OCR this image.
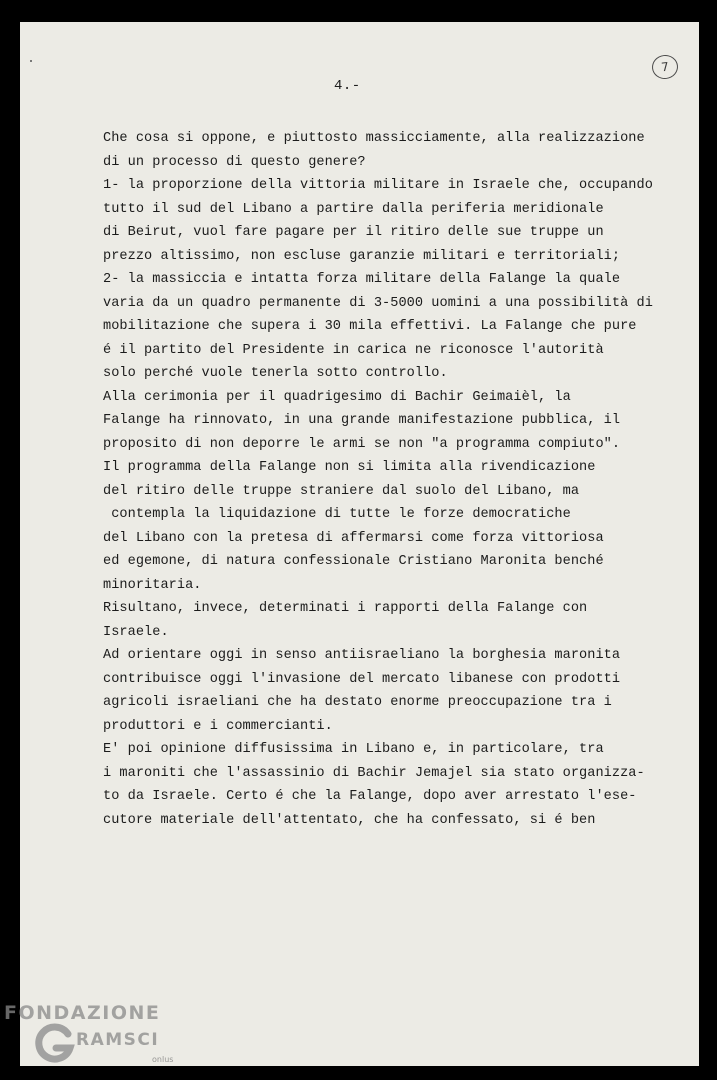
4.-
7
Che cosa si oppone, e piuttosto massicciamente, alla realizzazione
di un processo di questo genere?
1- la proporzione della vittoria militare in Israele che, occupando
tutto il sud del Libano a partire dalla periferia meridionale
di Beirut, vuol fare pagare per il ritiro delle sue truppe un
prezzo altissimo, non escluse garanzie militari e territoriali;
2- la massiccia e intatta forza militare della Falange la quale
varia da un quadro permanente di 3-5000 uomini a una possibilità di
mobilitazione che supera i 30 mila effettivi. La Falange che pure
é il partito del Presidente in carica ne riconosce l'autorità
solo perché vuole tenerla sotto controllo.
Alla cerimonia per il quadrigesimo di Bachir Geimaièl, la
Falange ha rinnovato, in una grande manifestazione pubblica, il
proposito di non deporre le armi se non "a programma compiuto".
Il programma della Falange non si limita alla rivendicazione
del ritiro delle truppe straniere dal suolo del Libano, ma
contempla la liquidazione di tutte le forze democratiche
del Libano con la pretesa di affermarsi come forza vittoriosa
ed egemone, di natura confessionale Cristiano Maronita benché
minoritaria.
Risultano, invece, determinati i rapporti della Falange con
Israele.
Ad orientare oggi in senso antiisraeliano la borghesia maronita
contribuisce oggi l'invasione del mercato libanese con prodotti
agricoli israeliani che ha destato enorme preoccupazione tra i
produttori e i commercianti.
E' poi opinione diffusissima in Libano e, in particolare, tra
i maroniti che l'assassinio di Bachir Jemajel sia stato organizza-
to da Israele. Certo é che la Falange, dopo aver arrestato l'ese-
cutore materiale dell'attentato, che ha confessato, si é ben
FONDAZIONE
RAMSCI
onlus
